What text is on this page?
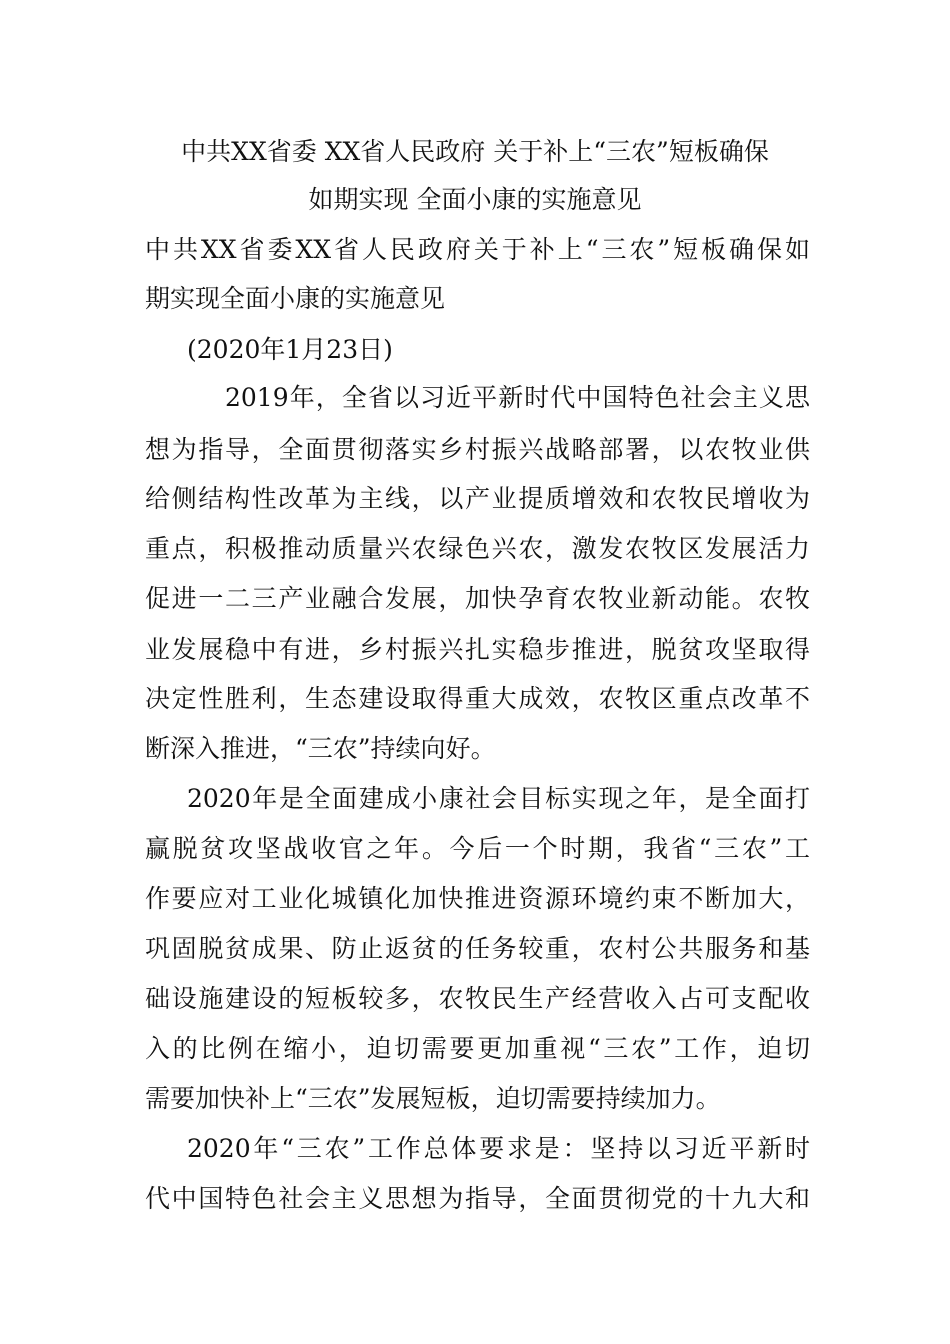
中共XX省委 XX省人民政府 关于补上“三农”短板确保
如期实现 全面小康的实施意见
中共XX省委XX省人民政府关于补上“三农”短板确保如
期实现全面小康的实施意见
(2020年1月23日)
2019年，全省以习近平新时代中国特色社会主义思
想为指导，全面贯彻落实乡村振兴战略部署，以农牧业供
给侧结构性改革为主线，以产业提质增效和农牧民增收为
重点，积极推动质量兴农绿色兴农，激发农牧区发展活力
促进一二三产业融合发展，加快孕育农牧业新动能。农牧
业发展稳中有进，乡村振兴扎实稳步推进，脱贫攻坚取得
决定性胜利，生态建设取得重大成效，农牧区重点改革不
断深入推进，“三农”持续向好。
2020年是全面建成小康社会目标实现之年，是全面打
赢脱贫攻坚战收官之年。今后一个时期，我省“三农”工
作要应对工业化城镇化加快推进资源环境约束不断加大，
巩固脱贫成果、防止返贫的任务较重，农村公共服务和基
础设施建设的短板较多，农牧民生产经营收入占可支配收
入的比例在缩小，迫切需要更加重视“三农”工作，迫切
需要加快补上“三农”发展短板，迫切需要持续加力。
2020年“三农”工作总体要求是：坚持以习近平新时
代中国特色社会主义思想为指导，全面贯彻党的十九大和
